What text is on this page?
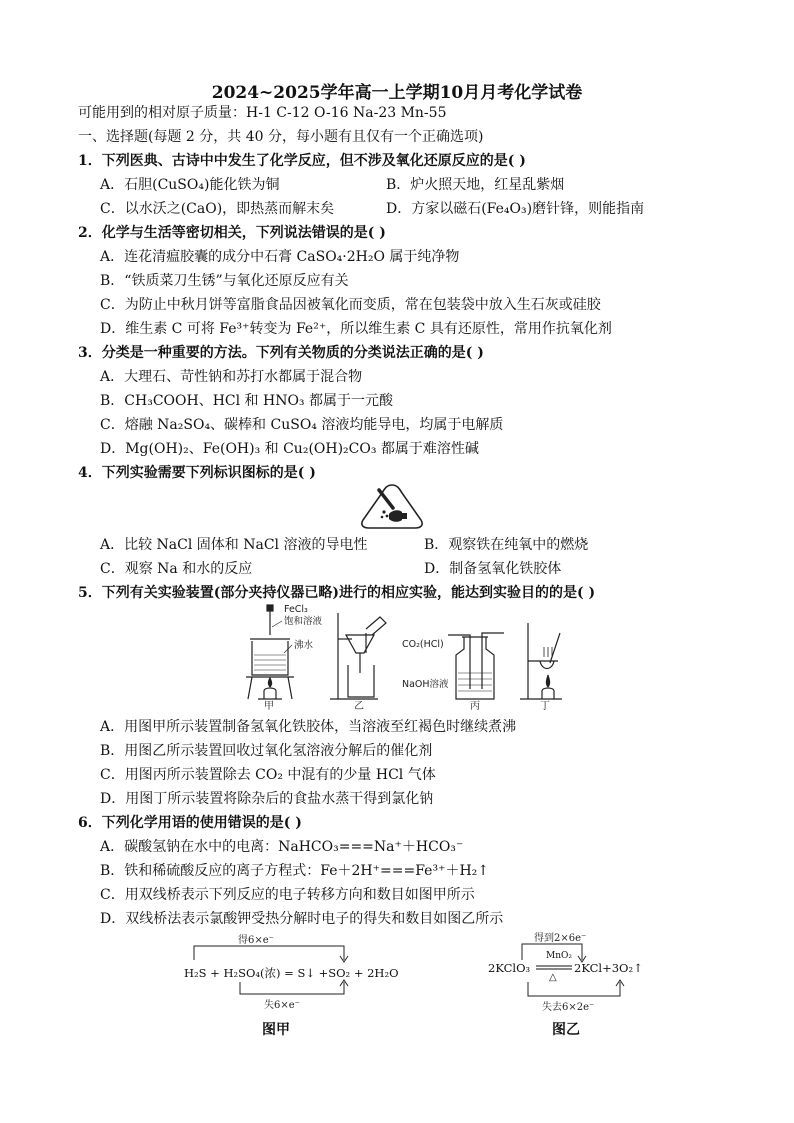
2024~2025学年高一上学期10月月考化学试卷
可能用到的相对原子质量：H-1 C-12 O-16 Na-23 Mn-55
一、选择题(每题 2 分，共 40 分，每小题有且仅有一个正确选项)
1．下列医典、古诗中中发生了化学反应，但不涉及氧化还原反应的是( )
A．石胆(CuSO₄)能化铁为铜	B．炉火照天地，红星乱紫烟
C．以水沃之(CaO)，即热蒸而解末矣	D．方家以磁石(Fe₄O₃)磨针锋，则能指南
2．化学与生活等密切相关，下列说法错误的是( )
A．连花清瘟胶囊的成分中石膏 CaSO₄·2H₂O 属于纯净物
B．“铁质菜刀生锈”与氧化还原反应有关
C．为防止中秋月饼等富脂食品因被氧化而变质，常在包装袋中放入生石灰或硅胶
D．维生素 C 可将 Fe³⁺转变为 Fe²⁺，所以维生素 C 具有还原性，常用作抗氧化剂
3．分类是一种重要的方法。下列有关物质的分类说法正确的是( )
A．大理石、苛性钠和苏打水都属于混合物
B．CH₃COOH、HCl 和 HNO₃ 都属于一元酸
C．熔融 Na₂SO₄、碳棒和 CuSO₄ 溶液均能导电，均属于电解质
D．Mg(OH)₂、Fe(OH)₃ 和 Cu₂(OH)₂CO₃ 都属于难溶性碱
4．下列实验需要下列标识图标的是( )
A．比较 NaCl 固体和 NaCl 溶液的导电性	B．观察铁在纯氧中的燃烧
C．观察 Na 和水的反应	D．制备氢氧化铁胶体
5．下列有关实验装置(部分夹持仪器已略)进行的相应实验，能达到实验目的的是( )
FeCl₃
饱和溶液
沸水
甲	乙
CO₂(HCl)
NaOH溶液
丙	丁
A．用图甲所示装置制备氢氧化铁胶体，当溶液至红褐色时继续煮沸
B．用图乙所示装置回收过氧化氢溶液分解后的催化剂
C．用图丙所示装置除去 CO₂ 中混有的少量 HCl 气体
D．用图丁所示装置将除杂后的食盐水蒸干得到氯化钠
6．下列化学用语的使用错误的是( )
A．碳酸氢钠在水中的电离：NaHCO₃===Na⁺＋HCO₃⁻
B．铁和稀硫酸反应的离子方程式：Fe＋2H⁺===Fe³⁺＋H₂↑
C．用双线桥表示下列反应的电子转移方向和数目如图甲所示
D．双线桥法表示氯酸钾受热分解时电子的得失和数目如图乙所示
得6×e⁻
H₂S + H₂SO₄(浓) = S↓ +SO₂ + 2H₂O
失6×e⁻
图甲
得到2×6e⁻
MnO₂
2KClO₃	2KCl+3O₂↑
△
失去6×2e⁻
图乙
